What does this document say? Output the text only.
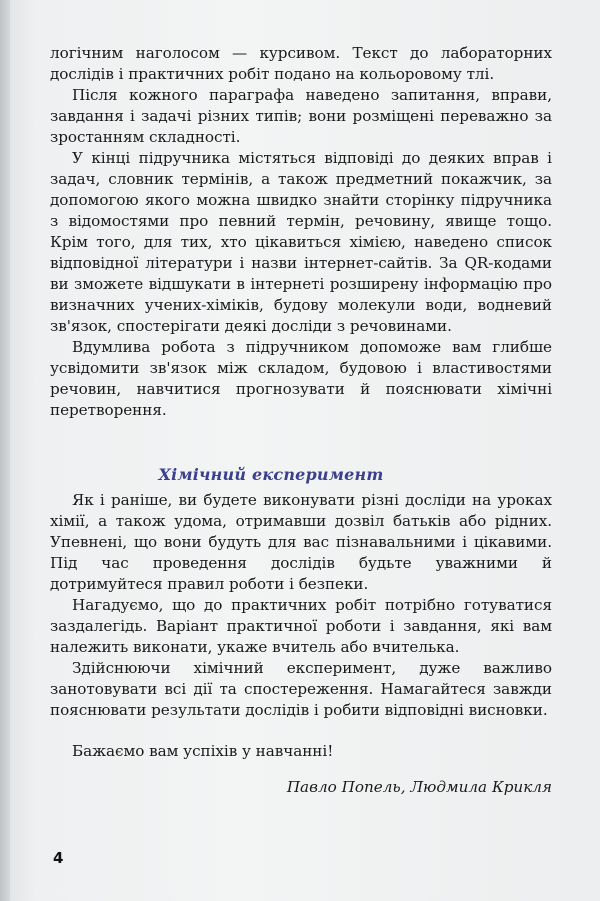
логічним наголосом — курсивом. Текст до лабораторних дослідів і практичних робіт подано на кольоровому тлі.

Після кожного параграфа наведено запитання, вправи, завдання і задачі різних типів; вони розміщені переважно за зростанням складності.

У кінці підручника містяться відповіді до деяких вправ і задач, словник термінів, а також предметний покажчик, за допомогою якого можна швидко знайти сторінку підручника з відомостями про певний термін, речовину, явище тощо. Крім того, для тих, хто цікавиться хімією, наведено список відповідної літератури і назви інтернет-сайтів. За QR-кодами ви зможете відшукати в інтернеті розширену інформацію про визначних учених-хіміків, будову молекули води, водневий зв'язок, спостерігати деякі досліди з речовинами.

Вдумлива робота з підручником допоможе вам глибше усвідомити зв'язок між складом, будовою і властивостями речовин, навчитися прогнозувати й пояснювати хімічні перетворення.

Хімічний експеримент

Як і раніше, ви будете виконувати різні досліди на уроках хімії, а також удома, отримавши дозвіл батьків або рідних. Упевнені, що вони будуть для вас пізнавальними і цікавими. Під час проведення дослідів будьте уважними й дотримуйтеся правил роботи і безпеки.

Нагадуємо, що до практичних робіт потрібно готуватися заздалегідь. Варіант практичної роботи і завдання, які вам належить виконати, укаже вчитель або вчителька.

Здійснюючи хімічний експеримент, дуже важливо занотовувати всі дії та спостереження. Намагайтеся завжди пояснювати результати дослідів і робити відповідні висновки.

Бажаємо вам успіхів у навчанні!

Павло Попель, Людмила Крикля
4
